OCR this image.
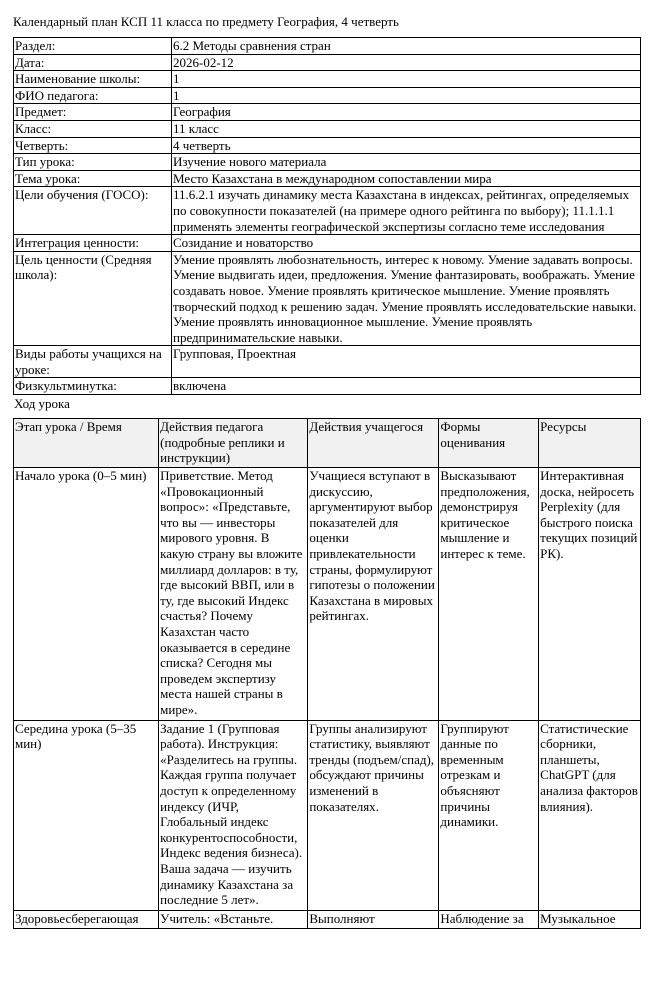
Календарный план КСП 11 класса по предмету География, 4 четверть
Раздел:	6.2 Методы сравнения стран
Дата:	2026-02-12
Наименование школы:	1
ФИО педагога:	1
Предмет:	География
Класс:	11 класс
Четверть:	4 четверть
Тип урока:	Изучение нового материала
Тема урока:	Место Казахстана в международном сопоставлении мира
Цели обучения (ГОСО):	11.6.2.1 изучать динамику места Казахстана в индексах, рейтингах, определяемых по совокупности показателей (на примере одного рейтинга по выбору); 11.1.1.1 применять элементы географической экспертизы согласно теме исследования
Интеграция ценности:	Созидание и новаторство
Цель ценности (Средняя школа):	Умение проявлять любознательность, интерес к новому. Умение задавать вопросы. Умение выдвигать идеи, предложения. Умение фантазировать, воображать. Умение создавать новое. Умение проявлять критическое мышление. Умение проявлять творческий подход к решению задач. Умение проявлять исследовательские навыки. Умение проявлять инновационное мышление. Умение проявлять предпринимательские навыки.
Виды работы учащихся на уроке:	Групповая, Проектная
Физкультминутка:	включена
Ход урока
Этап урока / Время	Действия педагога (подробные реплики и инструкции)	Действия учащегося	Формы оценивания	Ресурсы
Начало урока (0–5 мин)	Приветствие. Метод «Провокационный вопрос»: «Представьте, что вы — инвесторы мирового уровня. В какую страну вы вложите миллиард долларов: в ту, где высокий ВВП, или в ту, где высокий Индекс счастья? Почему Казахстан часто оказывается в середине списка? Сегодня мы проведем экспертизу места нашей страны в мире».	Учащиеся вступают в дискуссию, аргументируют выбор показателей для оценки привлекательности страны, формулируют гипотезы о положении Казахстана в мировых рейтингах.	Высказывают предположения, демонстрируя критическое мышление и интерес к теме.	Интерактивная доска, нейросеть Perplexity (для быстрого поиска текущих позиций РК).
Середина урока (5–35 мин)	Задание 1 (Групповая работа). Инструкция: «Разделитесь на группы. Каждая группа получает доступ к определенному индексу (ИЧР, Глобальный индекс конкурентоспособности, Индекс ведения бизнеса). Ваша задача — изучить динамику Казахстана за последние 5 лет».	Группы анализируют статистику, выявляют тренды (подъем/спад), обсуждают причины изменений в показателях.	Группируют данные по временным отрезкам и объясняют причины динамики.	Статистические сборники, планшеты, ChatGPT (для анализа факторов влияния).
Здоровьесберегающая	Учитель: «Встаньте.	Выполняют	Наблюдение за	Музыкальное
